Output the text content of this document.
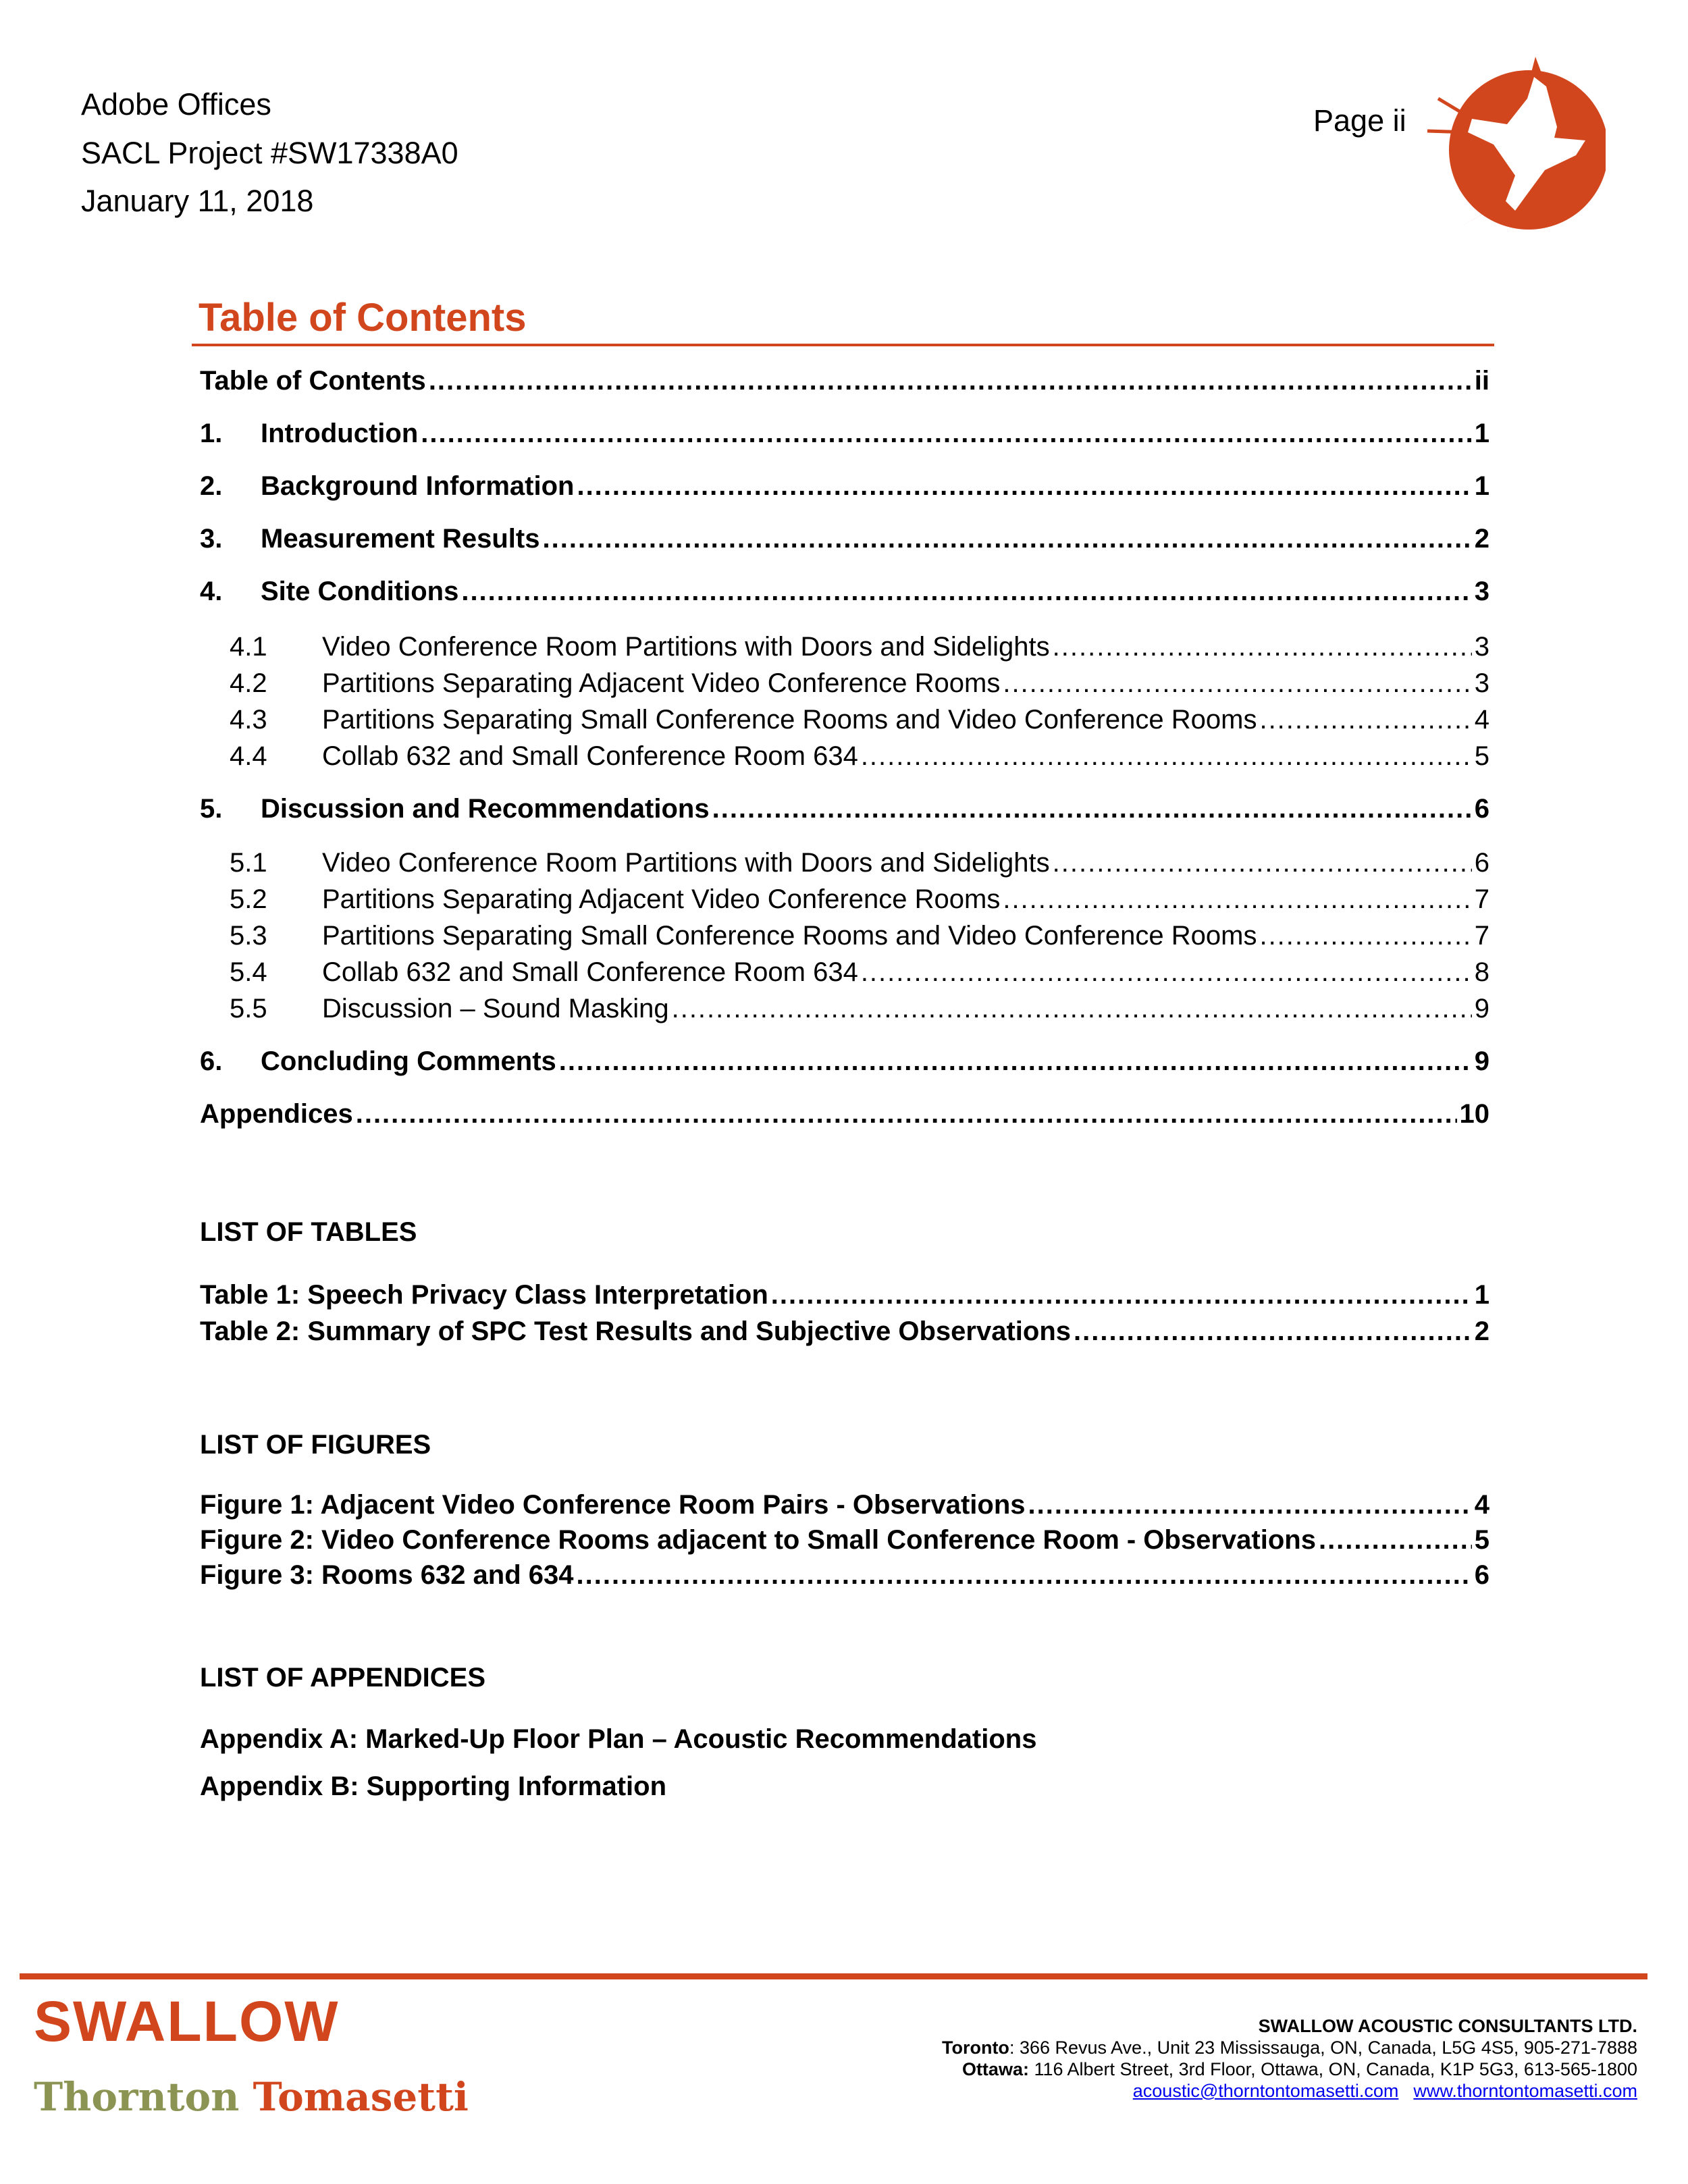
Adobe Offices
SACL Project #SW17338A0
January 11, 2018
Page ii
Table of Contents
Table of Contents .....	ii
1.	Introduction .....	1
2.	Background Information .....	1
3.	Measurement Results .....	2
4.	Site Conditions .....	3
4.1	Video Conference Room Partitions with Doors and Sidelights .....	3
4.2	Partitions Separating Adjacent Video Conference Rooms .....	3
4.3	Partitions Separating Small Conference Rooms and Video Conference Rooms .....	4
4.4	Collab 632 and Small Conference Room 634 .....	5
5.	Discussion and Recommendations .....	6
5.1	Video Conference Room Partitions with Doors and Sidelights .....	6
5.2	Partitions Separating Adjacent Video Conference Rooms .....	7
5.3	Partitions Separating Small Conference Rooms and Video Conference Rooms .....	7
5.4	Collab 632 and Small Conference Room 634 .....	8
5.5	Discussion – Sound Masking .....	9
6.	Concluding Comments .....	9
Appendices .....	10
LIST OF TABLES
Table 1: Speech Privacy Class Interpretation .....	1
Table 2: Summary of SPC Test Results and Subjective Observations .....	2
LIST OF FIGURES
Figure 1: Adjacent Video Conference Room Pairs - Observations .....	4
Figure 2: Video Conference Rooms adjacent to Small Conference Room - Observations .....	5
Figure 3: Rooms 632 and 634 .....	6
LIST OF APPENDICES
Appendix A: Marked-Up Floor Plan – Acoustic Recommendations
Appendix B: Supporting Information
SWALLOW
Thornton Tomasetti
SWALLOW ACOUSTIC CONSULTANTS LTD.
Toronto: 366 Revus Ave., Unit 23 Mississauga, ON, Canada, L5G 4S5, 905-271-7888
Ottawa: 116 Albert Street, 3rd Floor, Ottawa, ON, Canada, K1P 5G3, 613-565-1800
acoustic@thorntontomasetti.com www.thorntontomasetti.com
